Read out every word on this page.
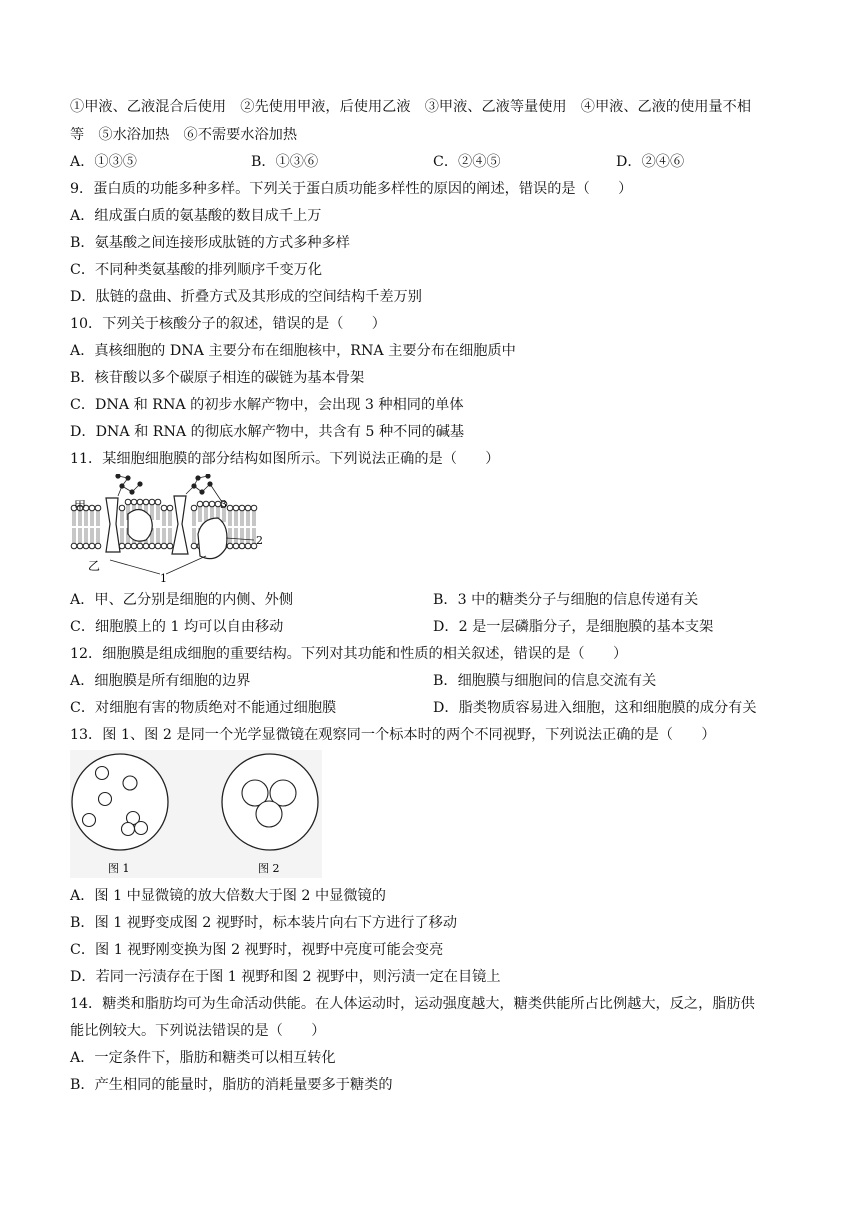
①甲液、乙液混合后使用　②先使用甲液，后使用乙液　③甲液、乙液等量使用　④甲液、乙液的使用量不相
等　⑤水浴加热　⑥不需要水浴加热
A．①③⑤	B．①③⑥	C．②④⑤	D．②④⑥
9．蛋白质的功能多种多样。下列关于蛋白质功能多样性的原因的阐述，错误的是（　　）
A．组成蛋白质的氨基酸的数目成千上万
B．氨基酸之间连接形成肽链的方式多种多样
C．不同种类氨基酸的排列顺序千变万化
D．肽链的盘曲、折叠方式及其形成的空间结构千差万别
10．下列关于核酸分子的叙述，错误的是（　　）
A．真核细胞的 DNA 主要分布在细胞核中，RNA 主要分布在细胞质中
B．核苷酸以多个碳原子相连的碳链为基本骨架
C．DNA 和 RNA 的初步水解产物中，会出现 3 种相同的单体
D．DNA 和 RNA 的彻底水解产物中，共含有 5 种不同的碱基
11．某细胞细胞膜的部分结构如图所示。下列说法正确的是（　　）
甲
乙
3
2
1
A．甲、乙分别是细胞的内侧、外侧	B．3 中的糖类分子与细胞的信息传递有关
C．细胞膜上的 1 均可以自由移动	D．2 是一层磷脂分子，是细胞膜的基本支架
12．细胞膜是组成细胞的重要结构。下列对其功能和性质的相关叙述，错误的是（　　）
A．细胞膜是所有细胞的边界	B．细胞膜与细胞间的信息交流有关
C．对细胞有害的物质绝对不能通过细胞膜	D．脂类物质容易进入细胞，这和细胞膜的成分有关
13．图 1、图 2 是同一个光学显微镜在观察同一个标本时的两个不同视野，下列说法正确的是（　　）
图 1	图 2
A．图 1 中显微镜的放大倍数大于图 2 中显微镜的
B．图 1 视野变成图 2 视野时，标本装片向右下方进行了移动
C．图 1 视野刚变换为图 2 视野时，视野中亮度可能会变亮
D．若同一污渍存在于图 1 视野和图 2 视野中，则污渍一定在目镜上
14．糖类和脂肪均可为生命活动供能。在人体运动时，运动强度越大，糖类供能所占比例越大，反之，脂肪供
能比例较大。下列说法错误的是（　　）
A．一定条件下，脂肪和糖类可以相互转化
B．产生相同的能量时，脂肪的消耗量要多于糖类的
